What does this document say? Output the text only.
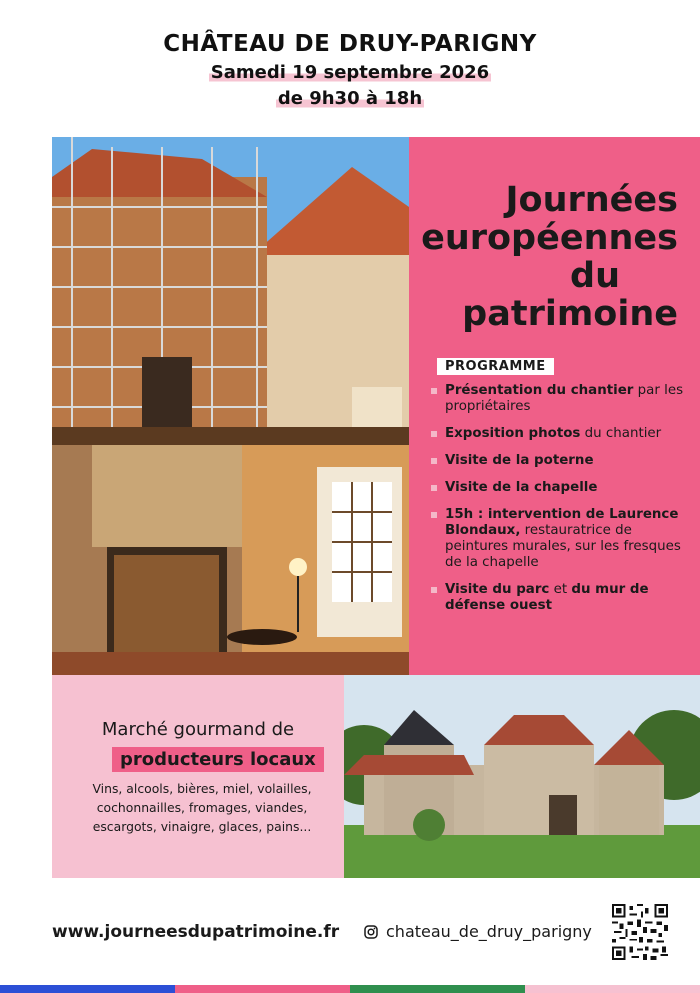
CHÂTEAU DE DRUY-PARIGNY
Samedi 19 septembre 2026
de 9h30 à 18h
Journées
européennes
du
patrimoine
PROGRAMME
Présentation du chantier par les propriétaires
Exposition photos du chantier
Visite de la poterne
Visite de la chapelle
15h : intervention de Laurence Blondaux, restauratrice de peintures murales, sur les fresques de la chapelle
Visite du parc et du mur de défense ouest
Marché gourmand de
producteurs locaux
Vins, alcools, bières, miel, volailles, cochonnailles, fromages, viandes, escargots, vinaigre, glaces, pains...
www.journeesdupatrimoine.fr	chateau_de_druy_parigny
